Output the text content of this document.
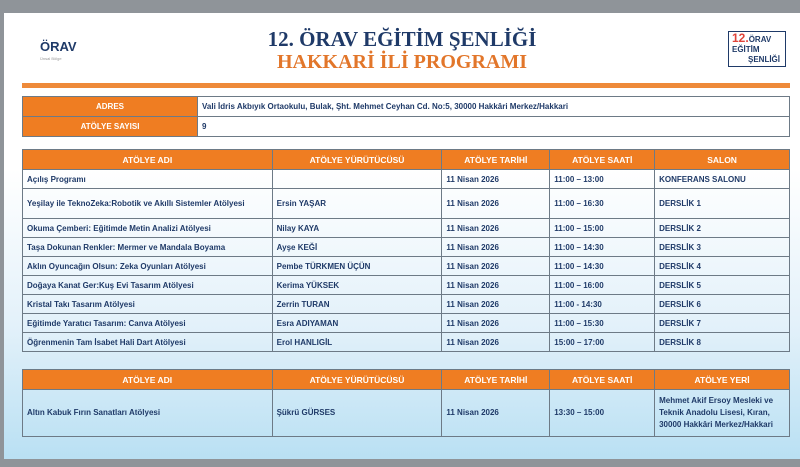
ÖRAV
Ünsal Bölge
12. ÖRAV EĞİTİM ŞENLİĞİ
HAKKARİ İLİ PROGRAMI
12.ÖRAV
EĞİTİM
ŞENLİĞİ
ADRES	Vali İdris Akbıyık Ortaokulu, Bulak, Şht. Mehmet Ceyhan Cd. No:5, 30000 Hakkâri Merkez/Hakkari
ATÖLYE SAYISI	9
ATÖLYE ADI	ATÖLYE YÜRÜTÜCÜSÜ	ATÖLYE TARİHİ	ATÖLYE SAATİ	SALON
Açılış Programı		11 Nisan 2026	11:00 – 13:00	KONFERANS SALONU
Yeşilay ile TeknoZeka:Robotik ve Akıllı Sistemler Atölyesi	Ersin YAŞAR	11 Nisan 2026	11:00 – 16:30	DERSLİK 1
Okuma Çemberi: Eğitimde Metin Analizi Atölyesi	Nilay KAYA	11 Nisan 2026	11:00 – 15:00	DERSLİK 2
Taşa Dokunan Renkler: Mermer ve Mandala Boyama	Ayşe KEĞİ	11 Nisan 2026	11:00 – 14:30	DERSLİK 3
Aklın Oyuncağın Olsun: Zeka Oyunları Atölyesi	Pembe TÜRKMEN ÜÇÜN	11 Nisan 2026	11:00 – 14:30	DERSLİK 4
Doğaya Kanat Ger:Kuş Evi Tasarım Atölyesi	Kerima YÜKSEK	11 Nisan 2026	11:00 – 16:00	DERSLİK 5
Kristal Takı Tasarım Atölyesi	Zerrin TURAN	11 Nisan 2026	11:00 - 14:30	DERSLİK 6
Eğitimde Yaratıcı Tasarım: Canva Atölyesi	Esra ADIYAMAN	11 Nisan 2026	11:00 – 15:30	DERSLİK 7
Öğrenmenin Tam İsabet Hali Dart Atölyesi	Erol HANLIGİL	11 Nisan 2026	15:00 – 17:00	DERSLİK 8
ATÖLYE ADI	ATÖLYE YÜRÜTÜCÜSÜ	ATÖLYE TARİHİ	ATÖLYE SAATİ	ATÖLYE YERİ
Altın Kabuk Fırın Sanatları Atölyesi	Şükrü GÜRSES	11 Nisan 2026	13:30 – 15:00	Mehmet Akif Ersoy Mesleki ve Teknik Anadolu Lisesi, Kıran, 30000 Hakkâri Merkez/Hakkari
